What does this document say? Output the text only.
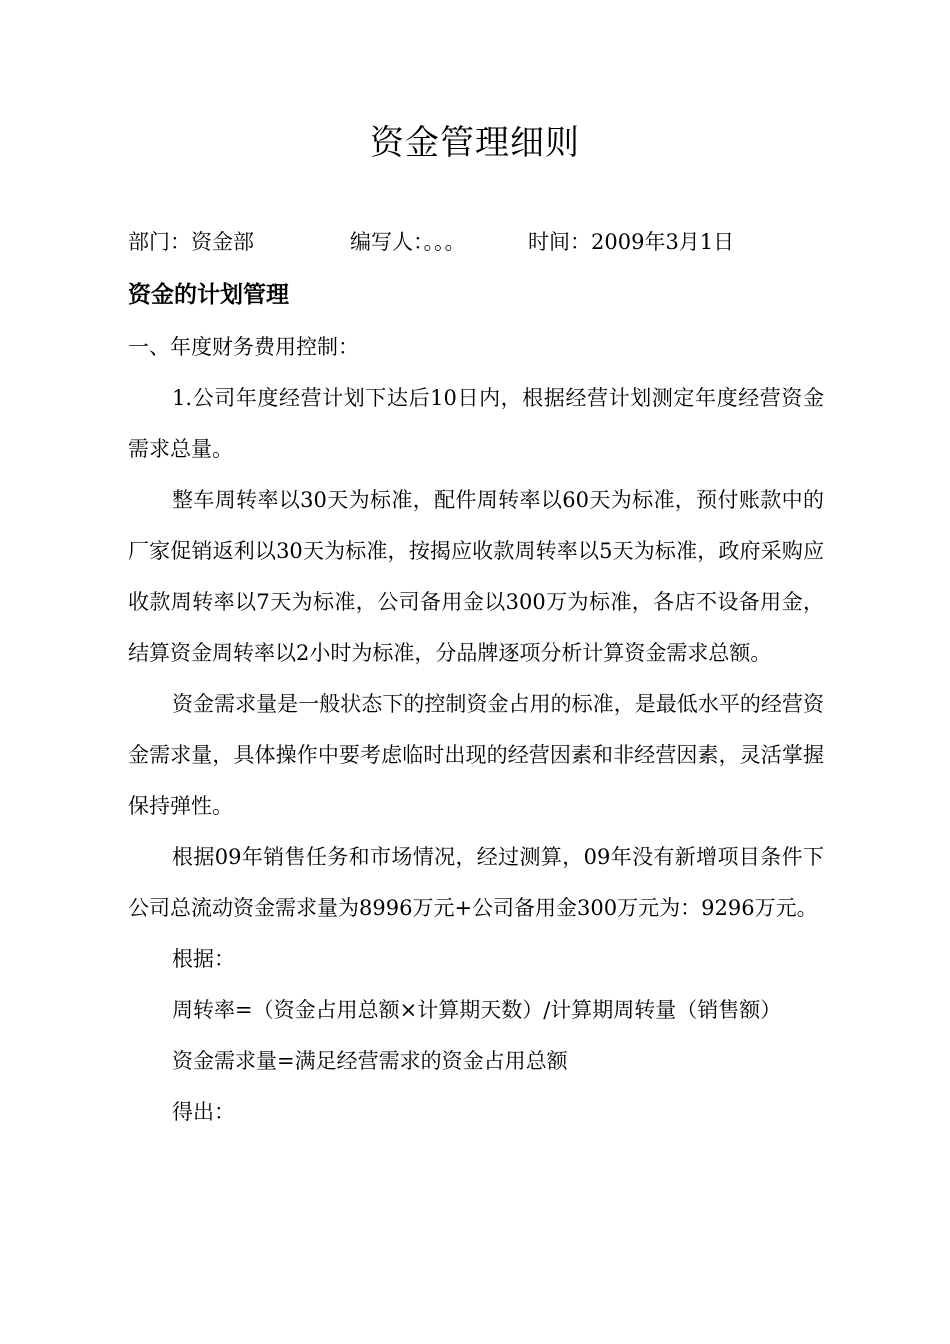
资金管理细则
部门：资金部	编写人：。。。	时间：2009年3月1日
资金的计划管理

一、年度财务费用控制：

1.公司年度经营计划下达后10日内，根据经营计划测定年度经营资金需求总量。

整车周转率以30天为标准，配件周转率以60天为标准，预付账款中的厂家促销返利以30天为标准，按揭应收款周转率以5天为标准，政府采购应收款周转率以7天为标准，公司备用金以300万为标准，各店不设备用金，结算资金周转率以2小时为标准，分品牌逐项分析计算资金需求总额。

资金需求量是一般状态下的控制资金占用的标准，是最低水平的经营资金需求量，具体操作中要考虑临时出现的经营因素和非经营因素，灵活掌握保持弹性。

根据09年销售任务和市场情况，经过测算，09年没有新增项目条件下公司总流动资金需求量为8996万元+公司备用金300万元为：9296万元。

根据：

周转率=（资金占用总额×计算期天数）/计算期周转量（销售额）

资金需求量=满足经营需求的资金占用总额

得出：
